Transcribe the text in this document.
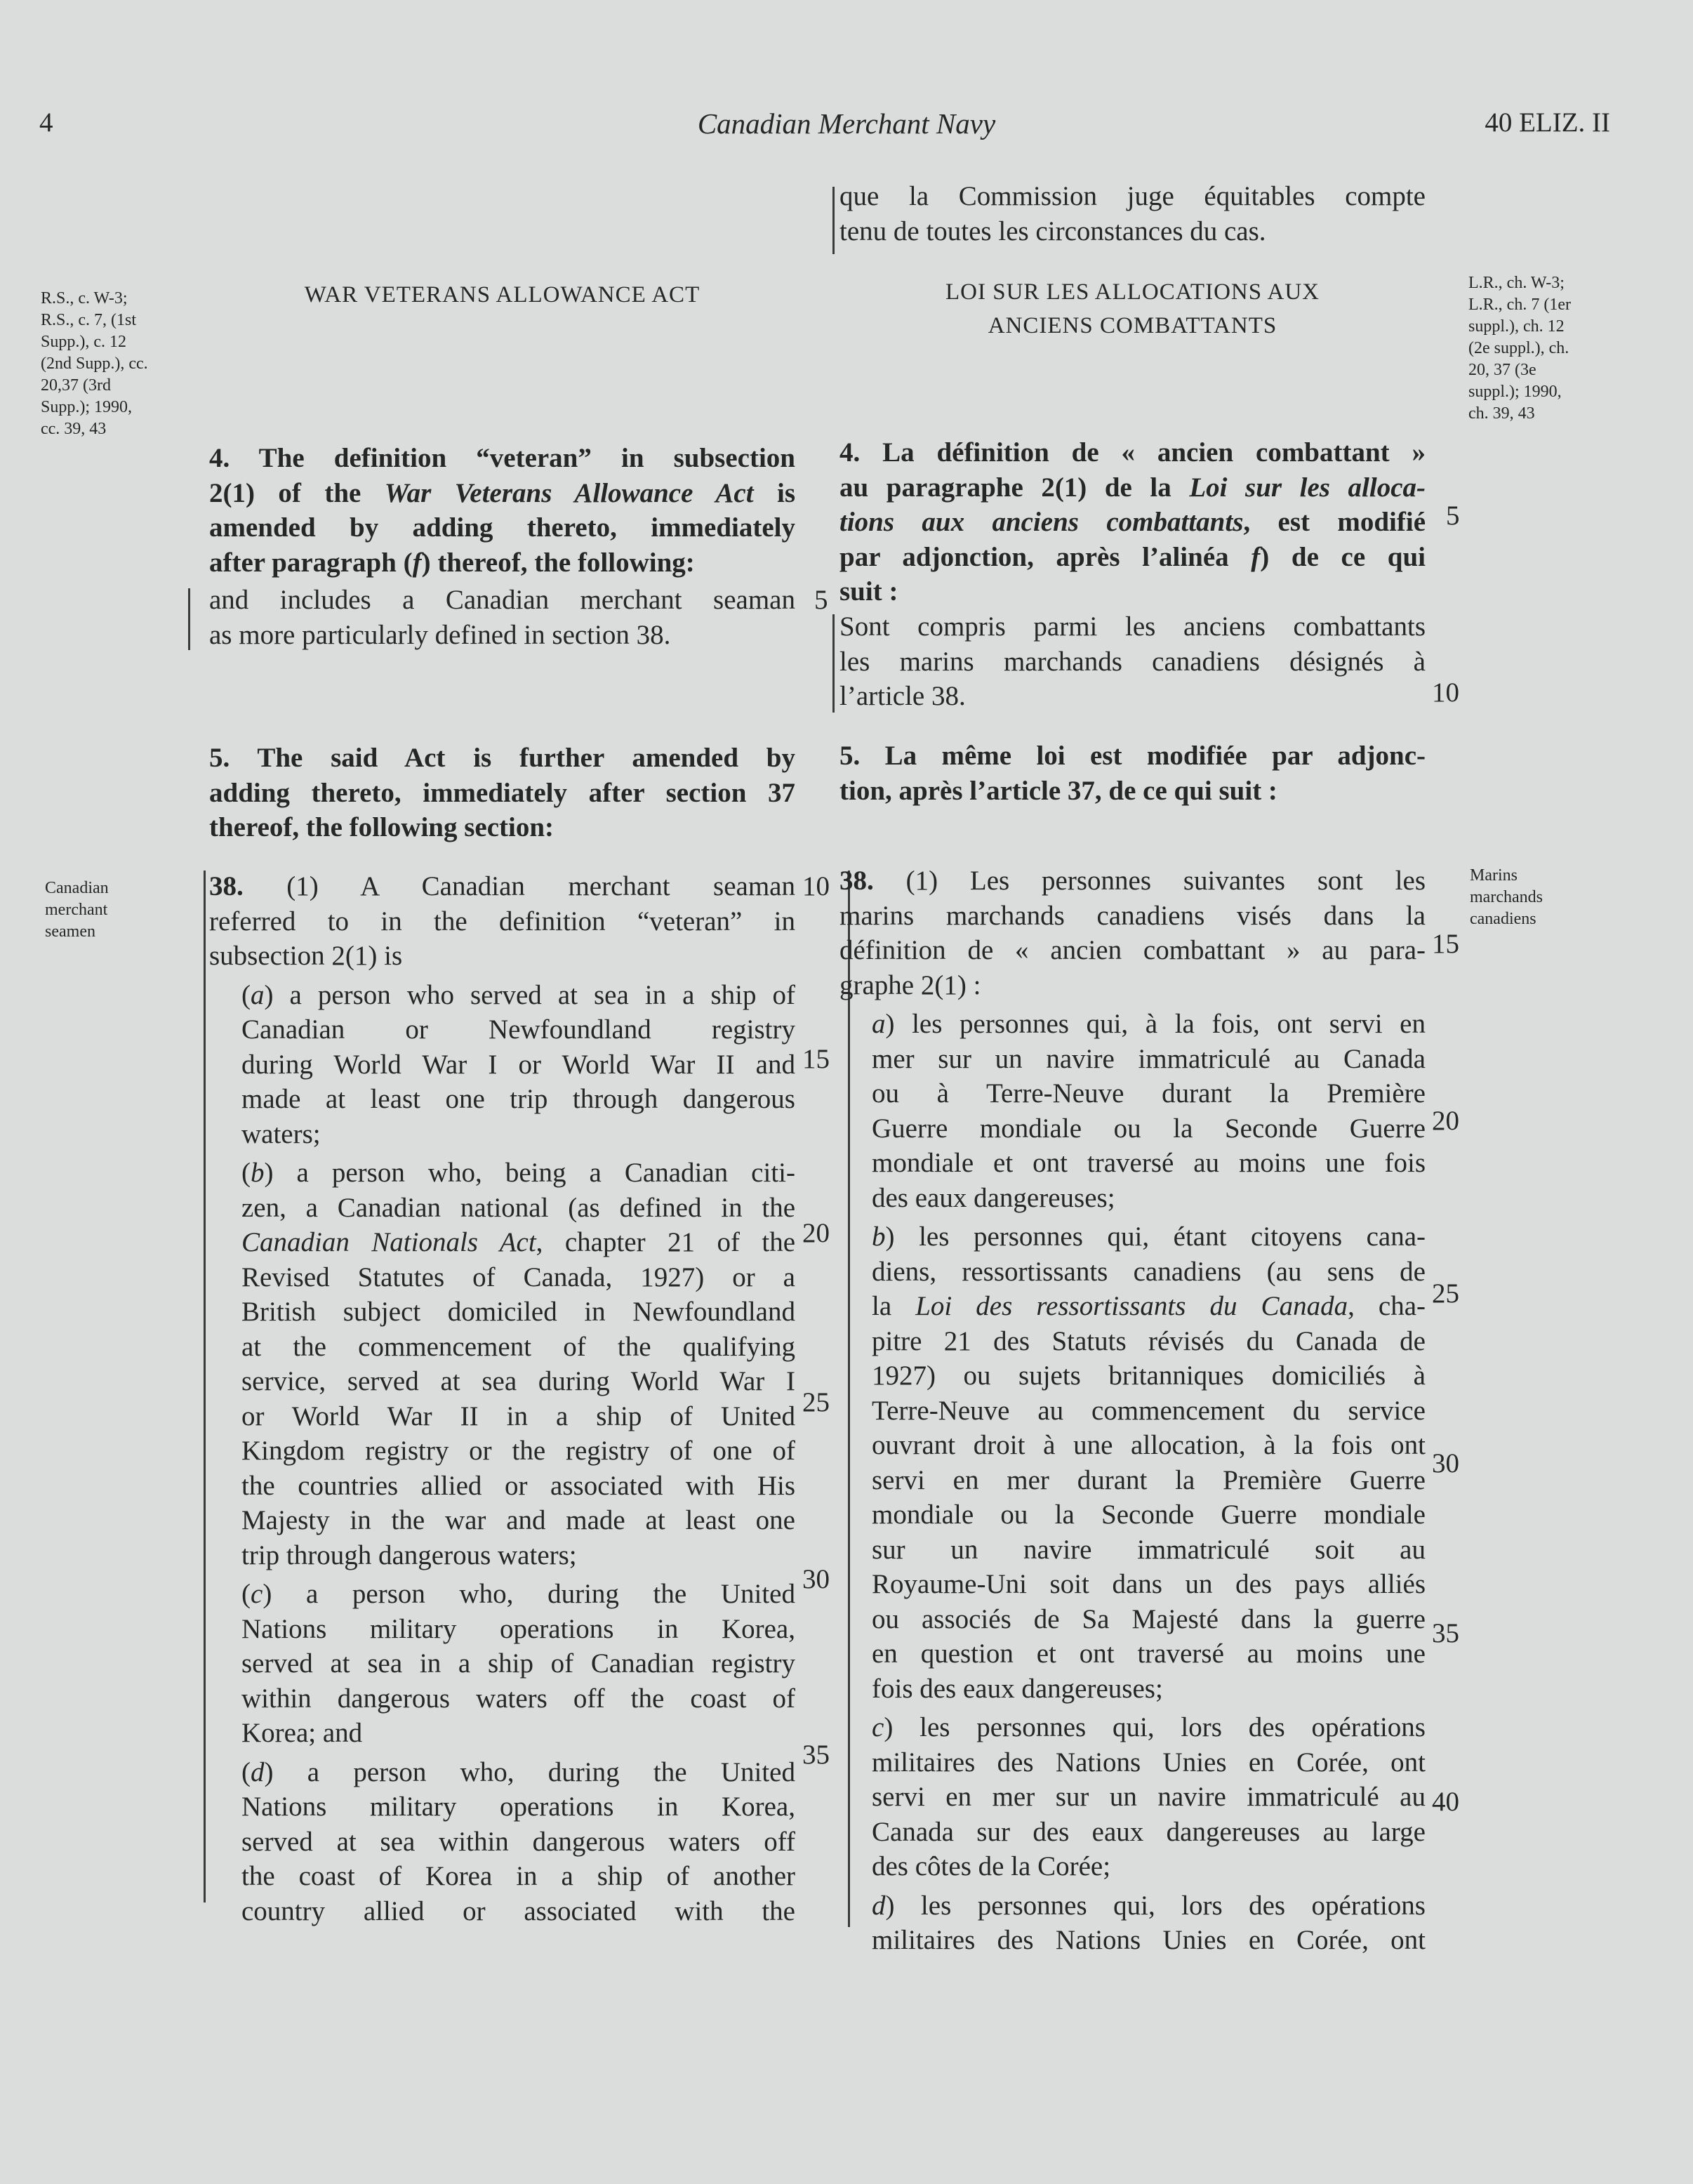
4	Canadian Merchant Navy	40 ELIZ. II
R.S., c. W-3;
R.S., c. 7, (1st
Supp.), c. 12
(2nd Supp.), cc.
20,37 (3rd
Supp.); 1990,
cc. 39, 43
Canadian
merchant
seamen
L.R., ch. W-3;
L.R., ch. 7 (1er
suppl.), ch. 12
(2e suppl.), ch.
20, 37 (3e
suppl.); 1990,
ch. 39, 43
Marins
marchands
canadiens
WAR VETERANS ALLOWANCE ACT
4. The definition “veteran” in subsection
2(1) of the War Veterans Allowance Act is
amended by adding thereto, immediately
after paragraph (f) thereof, the following:
and includes a Canadian merchant seaman
as more particularly defined in section 38.
5. The said Act is further amended by
adding thereto, immediately after section 37
thereof, the following section:
38. (1) A Canadian merchant seaman
referred to in the definition “veteran” in
subsection 2(1) is
(a) a person who served at sea in a ship of
Canadian or Newfoundland registry
during World War I or World War II and
made at least one trip through dangerous
waters;
(b) a person who, being a Canadian citi-
zen, a Canadian national (as defined in the
Canadian Nationals Act, chapter 21 of the
Revised Statutes of Canada, 1927) or a
British subject domiciled in Newfoundland
at the commencement of the qualifying
service, served at sea during World War I
or World War II in a ship of United
Kingdom registry or the registry of one of
the countries allied or associated with His
Majesty in the war and made at least one
trip through dangerous waters;
(c) a person who, during the United
Nations military operations in Korea,
served at sea in a ship of Canadian registry
within dangerous waters off the coast of
Korea; and
(d) a person who, during the United
Nations military operations in Korea,
served at sea within dangerous waters off
the coast of Korea in a ship of another
country allied or associated with the
5
10
15
20
25
30
35
que la Commission juge équitables compte
tenu de toutes les circonstances du cas.
LOI SUR LES ALLOCATIONS AUX
ANCIENS COMBATTANTS
4. La définition de « ancien combattant »
au paragraphe 2(1) de la Loi sur les alloca-
tions aux anciens combattants, est modifié
par adjonction, après l’alinéa f) de ce qui
suit :
Sont compris parmi les anciens combattants
les marins marchands canadiens désignés à
l’article 38.
5. La même loi est modifiée par adjonc-
tion, après l’article 37, de ce qui suit :
38. (1) Les personnes suivantes sont les
marins marchands canadiens visés dans la
définition de « ancien combattant » au para-
graphe 2(1) :
a) les personnes qui, à la fois, ont servi en
mer sur un navire immatriculé au Canada
ou à Terre-Neuve durant la Première
Guerre mondiale ou la Seconde Guerre
mondiale et ont traversé au moins une fois
des eaux dangereuses;
b) les personnes qui, étant citoyens cana-
diens, ressortissants canadiens (au sens de
la Loi des ressortissants du Canada, cha-
pitre 21 des Statuts révisés du Canada de
1927) ou sujets britanniques domiciliés à
Terre-Neuve au commencement du service
ouvrant droit à une allocation, à la fois ont
servi en mer durant la Première Guerre
mondiale ou la Seconde Guerre mondiale
sur un navire immatriculé soit au
Royaume-Uni soit dans un des pays alliés
ou associés de Sa Majesté dans la guerre
en question et ont traversé au moins une
fois des eaux dangereuses;
c) les personnes qui, lors des opérations
militaires des Nations Unies en Corée, ont
servi en mer sur un navire immatriculé au
Canada sur des eaux dangereuses au large
des côtes de la Corée;
d) les personnes qui, lors des opérations
militaires des Nations Unies en Corée, ont
5
10
15
20
25
30
35
40
